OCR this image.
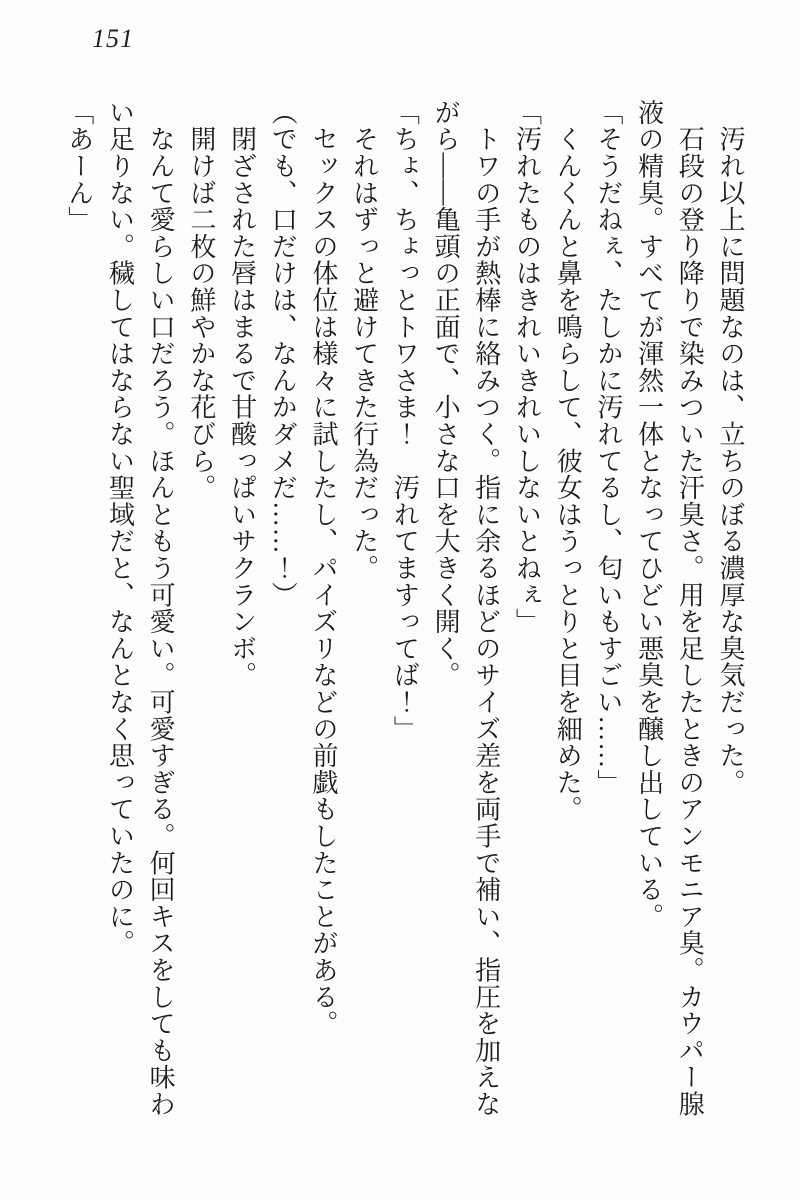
151

　汚れ以上に問題なのは、立ちのぼる濃厚な臭気だった。

　石段の登り降りで染みついた汗臭さ。用を足したときのアンモニア臭。カウパー腺

液の精臭。すべてが渾然一体となってひどい悪臭を醸し出している。

「そうだねぇ、たしかに汚れてるし、匂いもすごい……」

　くんくんと鼻を鳴らして、彼女はうっとりと目を細めた。

「汚れたものはきれいきれいしないとねぇ」

　トワの手が熱棒に絡みつく。指に余るほどのサイズ差を両手で補い、指圧を加えな

がら――亀頭の正面で、小さな口を大きく開く。

「ちょ、ちょっとトワさま！　汚れてますってば！」

　それはずっと避けてきた行為だった。

　セックスの体位は様々に試したし、パイズリなどの前戯もしたことがある。

（でも、口だけは、なんかダメだ……！）

　閉ざされた唇はまるで甘酸っぱいサクランボ。

　開けば二枚の鮮やかな花びら。

　なんて愛らしい口だろう。ほんともう可愛い。可愛すぎる。何回キスをしても味わ

い足りない。穢してはならない聖域だと、なんとなく思っていたのに。

「あーん」
